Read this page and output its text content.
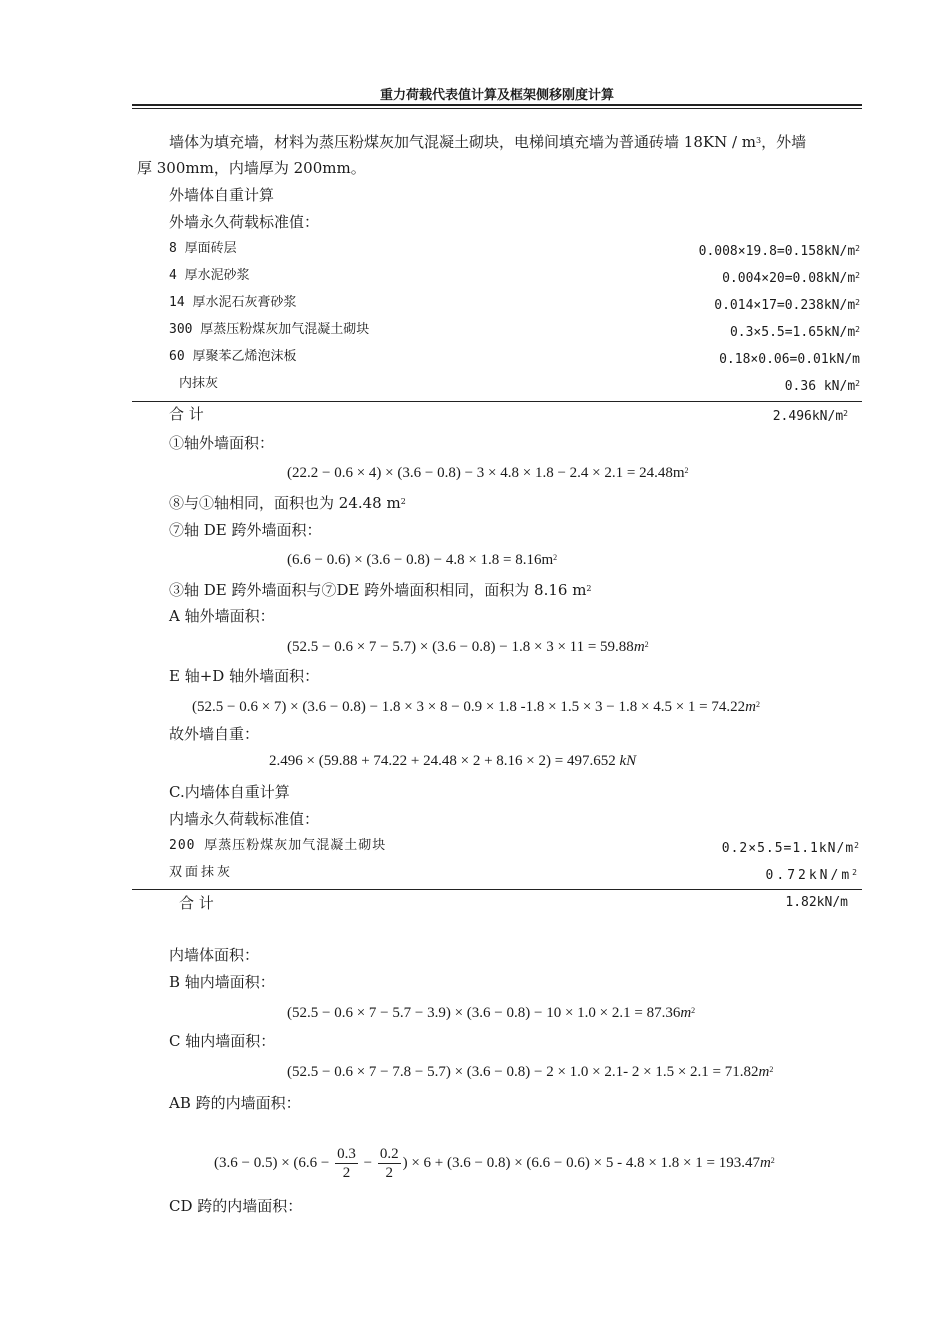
重力荷载代表值计算及框架侧移刚度计算
墙体为填充墙，材料为蒸压粉煤灰加气混凝土砌块，电梯间填充墙为普通砖墙 $18KN / m^3$，外墙
厚 300mm，内墙厚为 200mm。
外墙体自重计算
外墙永久荷载标准值：
8 厚面砖层	$0.008\times 19.8=0.158kN/m^2$
4 厚水泥砂浆	$0.004\times 20=0.08kN/m^2$
14 厚水泥石灰膏砂浆	$0.014\times 17=0.238kN/m^2$
300 厚蒸压粉煤灰加气混凝土砌块	$0.3\times 5.5=1.65kN/m^2$
60 厚聚苯乙烯泡沫板	0.18×0.06=0.01kN/m
内抹灰	0.36 $kN/m^2$
合 计	$2.496kN/m^2$
①轴外墙面积：
$(22.2 - 0.6 \times 4) \times (3.6 - 0.8) - 3 \times 4.8 \times 1.8 - 2.4 \times 2.1 = 24.48m^2$
⑧与①轴相同，面积也为 24.48 $m^2$
⑦轴 DE 跨外墙面积：
$(6.6 - 0.6) \times (3.6 - 0.8) - 4.8 \times 1.8 = 8.16m^2$
③轴 DE 跨外墙面积与⑦DE 跨外墙面积相同，面积为 8.16 $m^2$
A 轴外墙面积：
$(52.5 - 0.6 \times 7 - 5.7) \times (3.6 - 0.8) - 1.8 \times 3 \times 11 = 59.88m^2$
E 轴+D 轴外墙面积：
(52.5 − 0.6 × 7) × (3.6 − 0.8) − 1.8 × 3 × 8 − 0.9 × 1.8 $-1.8 \times 1.5 \times 3 - 1.8 \times 4.5 \times 1 = 74.22m^2$
故外墙自重：
2.496 × (59.88 + 74.22 + 24.48 × 2 + 8.16 × 2) = 497.652 kN
C.内墙体自重计算
内墙永久荷载标准值：
200 厚蒸压粉煤灰加气混凝土砌块	$0.2\times 5.5=1.1kN/m^2$
双面抹灰	$0.72kN/m^2$
合 计	1.82kN/m
内墙体面积：
B 轴内墙面积：
$(52.5 - 0.6 \times 7 - 5.7 - 3.9) \times (3.6 - 0.8) - 10 \times 1.0 \times 2.1 = 87.36m^2$
C 轴内墙面积：
(52.5 − 0.6 × 7 − 7.8 − 5.7) × (3.6 − 0.8) − 2 × 1.0 × 2.1- $2 \times 1.5 \times 2.1 = 71.82m^2$
AB 跨的内墙面积：
$(3.6 - 0.5) \times (6.6 - \frac{0.3}{2} - \frac{0.2}{2}$ ) × $6 + (3.6 - 0.8) \times (6.6 - 0.6) \times 5 - 4.8 \times 1.8 \times 1 = 193.47m^2$
CD 跨的内墙面积：
